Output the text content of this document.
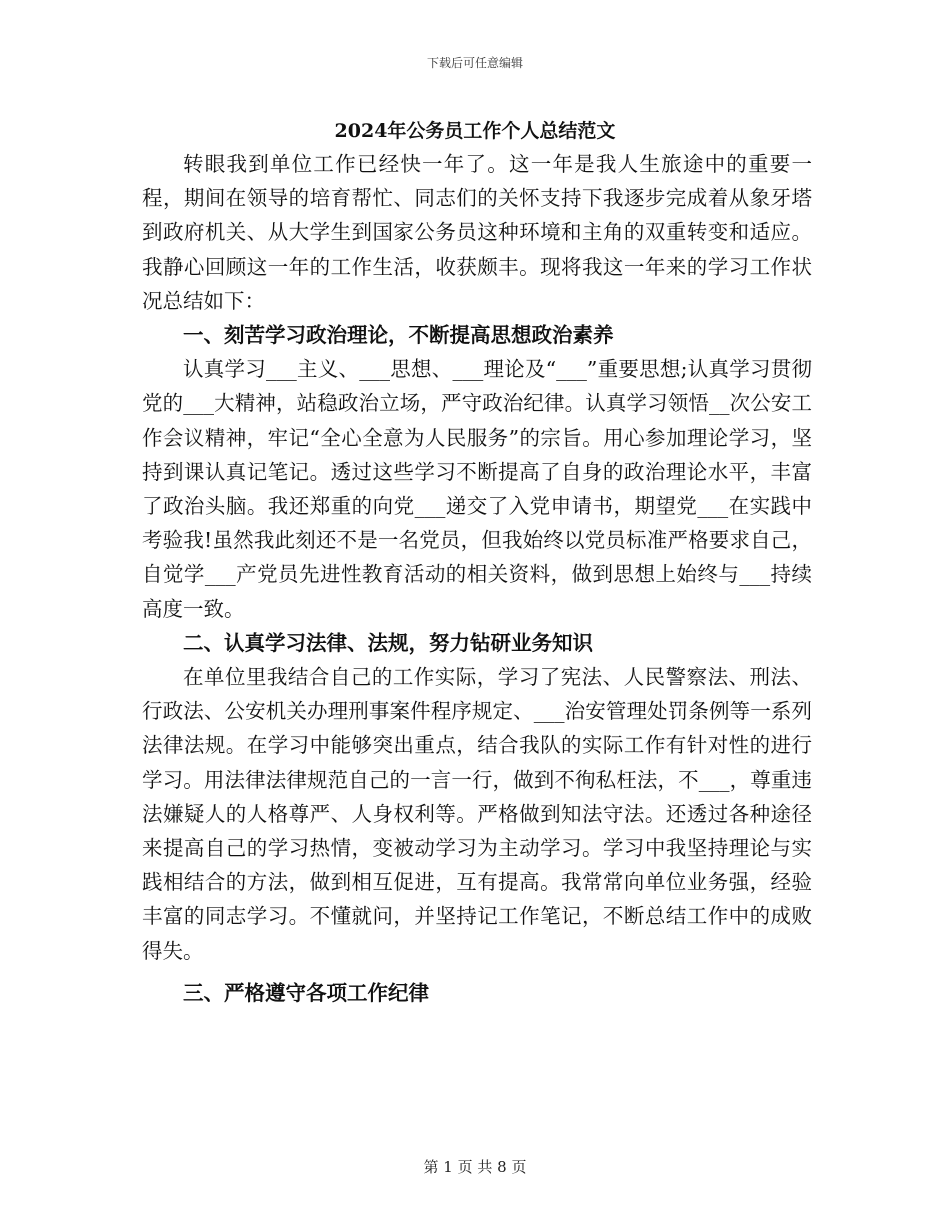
下载后可任意编辑
2024年公务员工作个人总结范文

转眼我到单位工作已经快一年了。这一年是我人生旅途中的重要一程，期间在领导的培育帮忙、同志们的关怀支持下我逐步完成着从象牙塔到政府机关、从大学生到国家公务员这种环境和主角的双重转变和适应。我静心回顾这一年的工作生活，收获颇丰。现将我这一年来的学习工作状况总结如下：

一、刻苦学习政治理论，不断提高思想政治素养

认真学习___主义、___思想、___理论及“___”重要思想;认真学习贯彻党的___大精神，站稳政治立场，严守政治纪律。认真学习领悟__次公安工作会议精神，牢记“全心全意为人民服务”的宗旨。用心参加理论学习，坚持到课认真记笔记。透过这些学习不断提高了自身的政治理论水平，丰富了政治头脑。我还郑重的向党___递交了入党申请书，期望党___在实践中考验我!虽然我此刻还不是一名党员，但我始终以党员标准严格要求自己，自觉学___产党员先进性教育活动的相关资料，做到思想上始终与___持续高度一致。

二、认真学习法律、法规，努力钻研业务知识

在单位里我结合自己的工作实际，学习了宪法、人民警察法、刑法、行政法、公安机关办理刑事案件程序规定、___治安管理处罚条例等一系列法律法规。在学习中能够突出重点，结合我队的实际工作有针对性的进行学习。用法律法律规范自己的一言一行，做到不徇私枉法，不___，尊重违法嫌疑人的人格尊严、人身权利等。严格做到知法守法。还透过各种途径来提高自己的学习热情，变被动学习为主动学习。学习中我坚持理论与实践相结合的方法，做到相互促进，互有提高。我常常向单位业务强，经验丰富的同志学习。不懂就问，并坚持记工作笔记，不断总结工作中的成败得失。

三、严格遵守各项工作纪律

第 1 页 共 8 页
